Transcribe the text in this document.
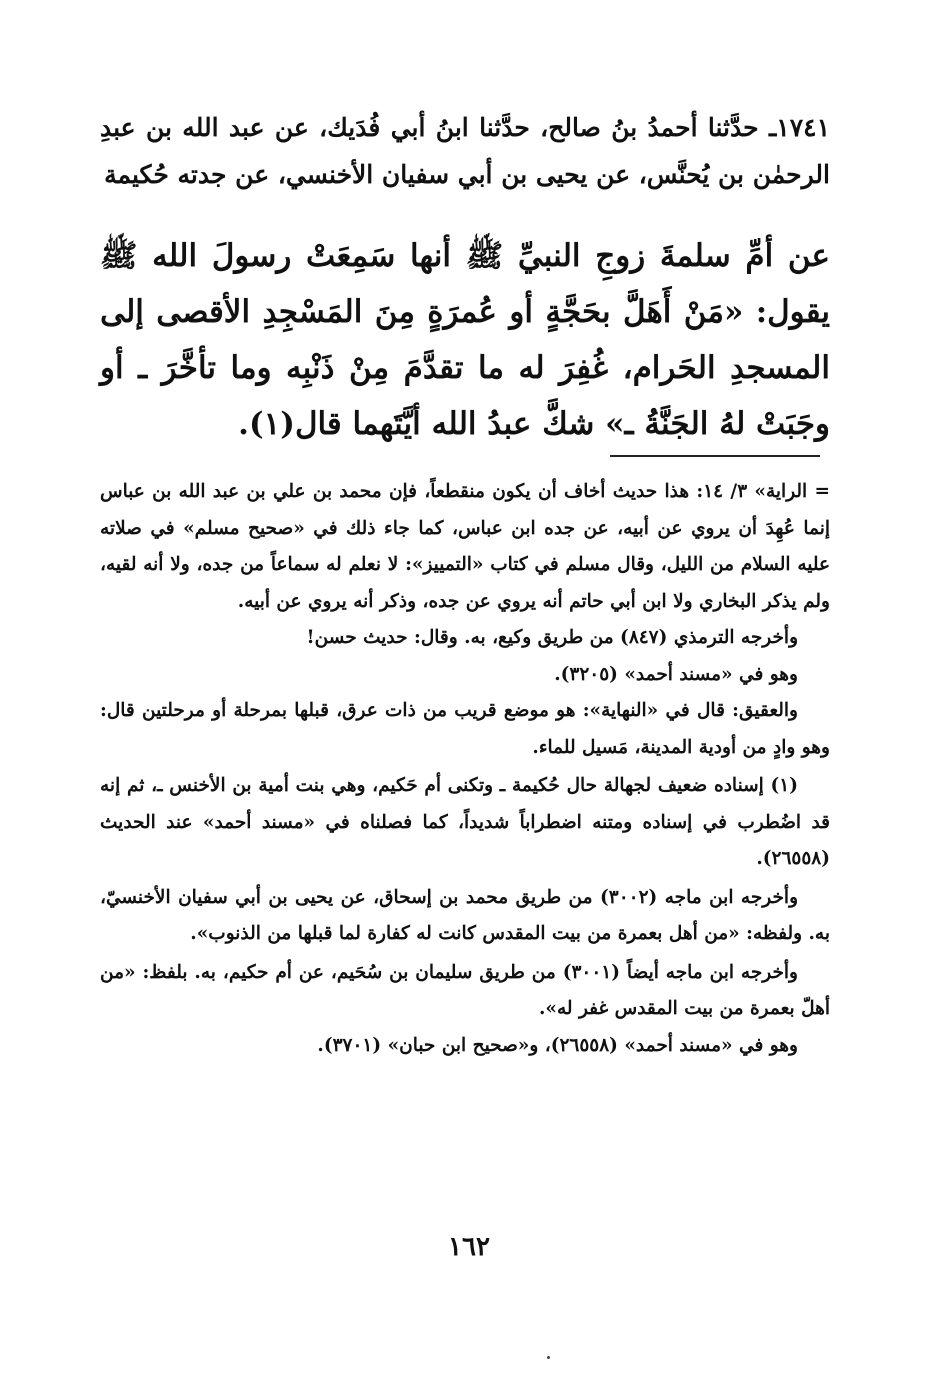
١٧٤١ـ حدَّثنا أحمدُ بنُ صالح، حدَّثنا ابنُ أبي فُدَيك، عن عبد الله بن عبدِ الرحمٰن بن يُحنَّس، عن يحيى بن أبي سفيان الأخنسي، عن جدته حُكيمة
عن أمِّ سلمةَ زوجِ النبيِّ ﷺ أنها سَمِعَتْ رسولَ الله ﷺ يقول: «مَنْ أَهَلَّ بحَجَّةٍ أو عُمرَةٍ مِنَ المَسْجِدِ الأقصى إلى المسجدِ الحَرام، غُفِرَ له ما تقدَّمَ مِنْ ذَنْبِه وما تأخَّرَ ـ أو وجَبَتْ لهُ الجَنَّةُ ـ» شكَّ عبدُ الله أيَّتَهما قال(١).

= الراية» ٣/ ١٤: هذا حديث أخاف أن يكون منقطعاً، فإن محمد بن علي بن عبد الله بن عباس إنما عُهِدَ أن يروي عن أبيه، عن جده ابن عباس، كما جاء ذلك في «صحيح مسلم» في صلاته عليه السلام من الليل، وقال مسلم في كتاب «التمييز»: لا نعلم له سماعاً من جده، ولا أنه لقيه، ولم يذكر البخاري ولا ابن أبي حاتم أنه يروي عن جده، وذكر أنه يروي عن أبيه.

وأخرجه الترمذي (٨٤٧) من طريق وكيع، به. وقال: حديث حسن!

وهو في «مسند أحمد» (٣٢٠٥).

والعقيق: قال في «النهاية»: هو موضع قريب من ذات عرق، قبلها بمرحلة أو مرحلتين قال: وهو وادٍ من أودية المدينة، مَسيل للماء.

(١) إسناده ضعيف لجهالة حال حُكيمة ـ وتكنى أم حَكيم، وهي بنت أمية بن الأخنس ـ، ثم إنه قد اضُطرب في إسناده ومتنه اضطراباً شديداً، كما فصلناه في «مسند أحمد» عند الحديث (٢٦٥٥٨).

وأخرجه ابن ماجه (٣٠٠٢) من طريق محمد بن إسحاق، عن يحيى بن أبي سفيان الأخنسيّ، به. ولفظه: «من أهل بعمرة من بيت المقدس كانت له كفارة لما قبلها من الذنوب».

وأخرجه ابن ماجه أيضاً (٣٠٠١) من طريق سليمان بن سُحَيم، عن أم حكيم، به. بلفظ: «من أهلّ بعمرة من بيت المقدس غفر له».

وهو في «مسند أحمد» (٢٦٥٥٨)، و«صحيح ابن حبان» (٣٧٠١).

١٦٢
